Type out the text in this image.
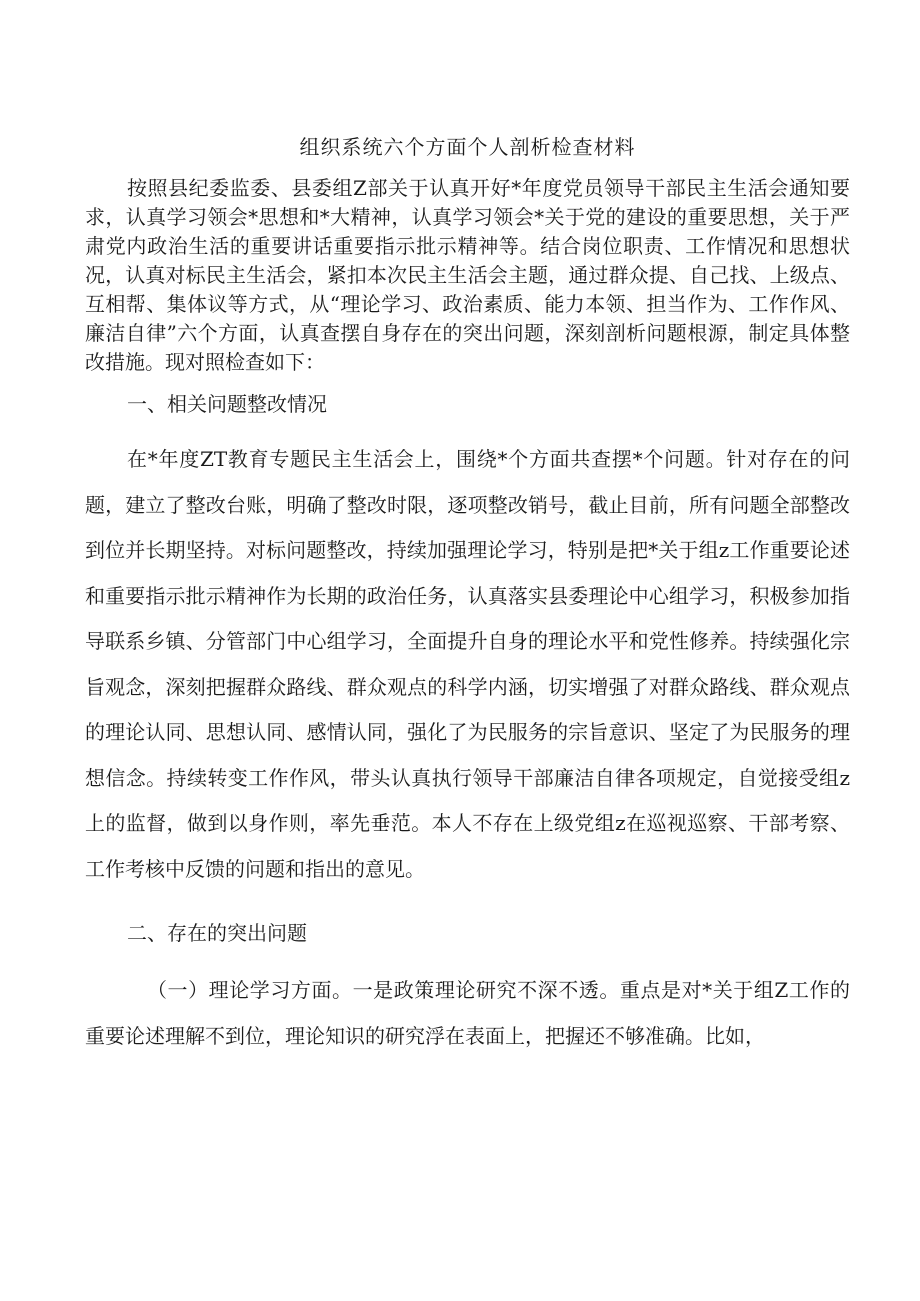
组织系统六个方面个人剖析检查材料

按照县纪委监委、县委组Z部关于认真开好*年度党员领导干部民主生活会通知要求，认真学习领会*思想和*大精神，认真学习领会*关于党的建设的重要思想，关于严肃党内政治生活的重要讲话重要指示批示精神等。结合岗位职责、工作情况和思想状况，认真对标民主生活会，紧扣本次民主生活会主题，通过群众提、自己找、上级点、互相帮、集体议等方式，从“理论学习、政治素质、能力本领、担当作为、工作作风、廉洁自律”六个方面，认真查摆自身存在的突出问题，深刻剖析问题根源，制定具体整改措施。现对照检查如下：

一、相关问题整改情况

在*年度ZT教育专题民主生活会上，围绕*个方面共查摆*个问题。针对存在的问题，建立了整改台账，明确了整改时限，逐项整改销号，截止目前，所有问题全部整改到位并长期坚持。对标问题整改，持续加强理论学习，特别是把*关于组z工作重要论述和重要指示批示精神作为长期的政治任务，认真落实县委理论中心组学习，积极参加指导联系乡镇、分管部门中心组学习，全面提升自身的理论水平和党性修养。持续强化宗旨观念，深刻把握群众路线、群众观点的科学内涵，切实增强了对群众路线、群众观点的理论认同、思想认同、感情认同，强化了为民服务的宗旨意识、坚定了为民服务的理想信念。持续转变工作作风，带头认真执行领导干部廉洁自律各项规定，自觉接受组z上的监督，做到以身作则，率先垂范。本人不存在上级党组z在巡视巡察、干部考察、工作考核中反馈的问题和指出的意见。

二、存在的突出问题

（一）理论学习方面。一是政策理论研究不深不透。重点是对*关于组Z工作的重要论述理解不到位，理论知识的研究浮在表面上，把握还不够准确。比如，
